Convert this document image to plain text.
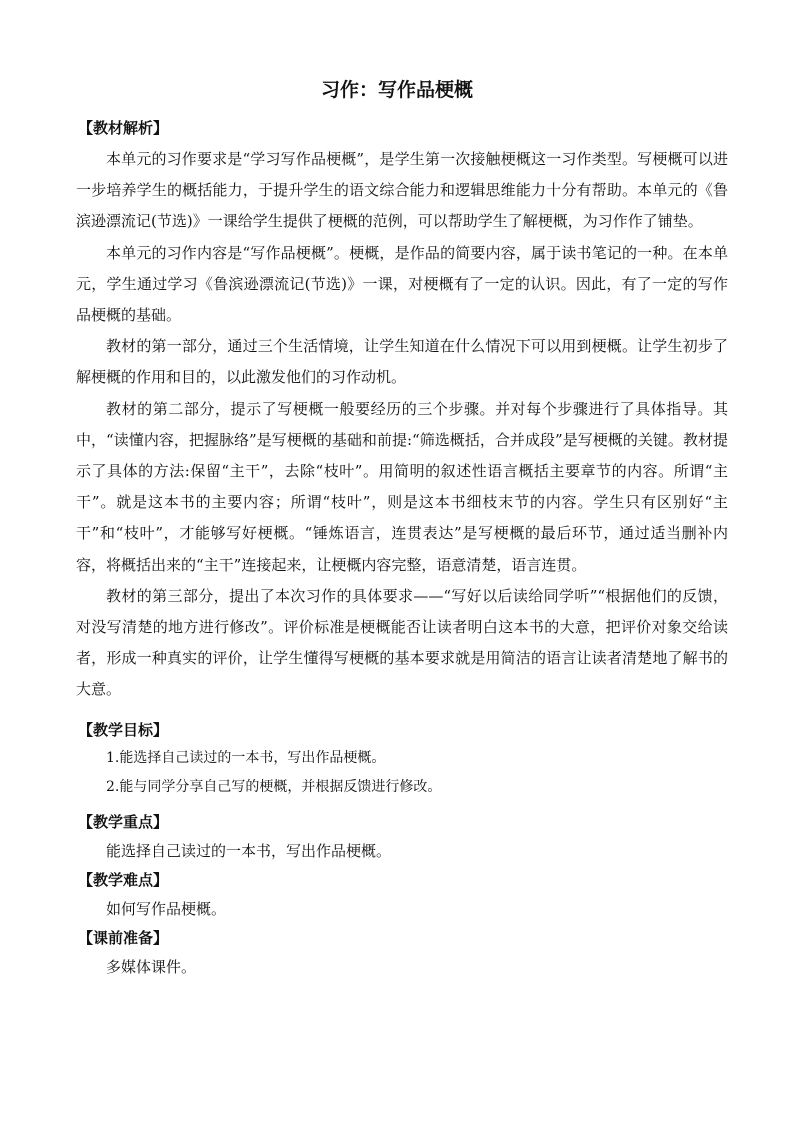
习作：写作品梗概
【教材解析】

本单元的习作要求是“学习写作品梗概”，是学生第一次接触梗概这一习作类型。写梗概可以进一步培养学生的概括能力，于提升学生的语文综合能力和逻辑思维能力十分有帮助。本单元的《鲁滨逊漂流记(节选)》一课给学生提供了梗概的范例，可以帮助学生了解梗概，为习作作了铺垫。

本单元的习作内容是“写作品梗概”。梗概，是作品的简要内容，属于读书笔记的一种。在本单元，学生通过学习《鲁滨逊漂流记(节选)》一课，对梗概有了一定的认识。因此，有了一定的写作品梗概的基础。

教材的第一部分，通过三个生活情境，让学生知道在什么情况下可以用到梗概。让学生初步了解梗概的作用和目的，以此激发他们的习作动机。

教材的第二部分，提示了写梗概一般要经历的三个步骤。并对每个步骤进行了具体指导。其中，“读懂内容，把握脉络”是写梗概的基础和前提:“筛选概括，合并成段”是写梗概的关键。教材提示了具体的方法:保留“主干”，去除“枝叶”。用简明的叙述性语言概括主要章节的内容。所谓“主干”。就是这本书的主要内容；所谓“枝叶”，则是这本书细枝末节的内容。学生只有区别好“主干”和“枝叶”，才能够写好梗概。“锤炼语言，连贯表达”是写梗概的最后环节，通过适当删补内容，将概括出来的“主干”连接起来，让梗概内容完整，语意清楚，语言连贯。

教材的第三部分，提出了本次习作的具体要求——“写好以后读给同学听”“根据他们的反馈，对没写清楚的地方进行修改”。评价标准是梗概能否让读者明白这本书的大意，把评价对象交给读者，形成一种真实的评价，让学生懂得写梗概的基本要求就是用简洁的语言让读者清楚地了解书的大意。

【教学目标】
1.能选择自己读过的一本书，写出作品梗概。
2.能与同学分享自己写的梗概，并根据反馈进行修改。
【教学重点】
能选择自己读过的一本书，写出作品梗概。
【教学难点】
如何写作品梗概。
【课前准备】
多媒体课件。
